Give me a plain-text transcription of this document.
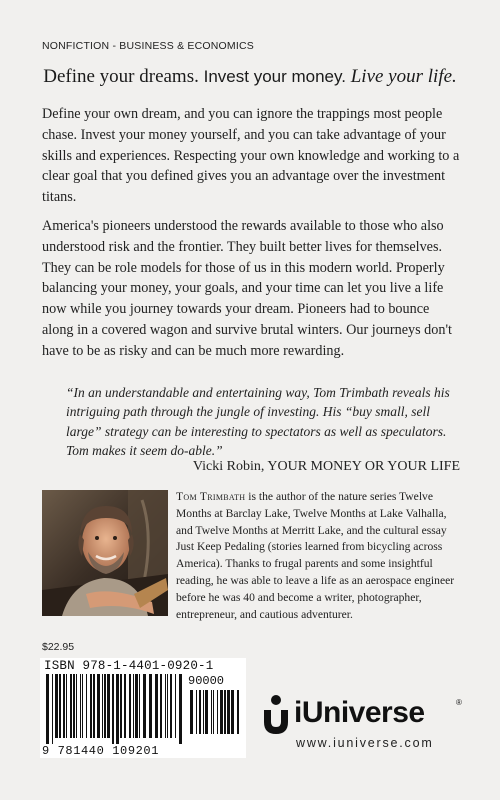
NONFICTION - BUSINESS & ECONOMICS
Define your dreams. Invest your money. Live your life.

Define your own dream, and you can ignore the trappings most people chase. Invest your money yourself, and you can take advantage of your skills and experiences. Respecting your own knowledge and working to a clear goal that you defined gives you an advantage over the investment titans.

America's pioneers understood the rewards available to those who also understood risk and the frontier. They built better lives for themselves. They can be role models for those of us in this modern world. Properly balancing your money, your goals, and your time can let you live a life now while you journey towards your dream. Pioneers had to bounce along in a covered wagon and survive brutal winters. Our journeys don't have to be as risky and can be much more rewarding.

“In an understandable and entertaining way, Tom Trimbath reveals his intriguing path through the jungle of investing. His “buy small, sell large” strategy can be interesting to spectators as well as speculators. Tom makes it seem do-able.”

Vicki Robin, YOUR MONEY OR YOUR LIFE

Tom Trimbath is the author of the nature series Twelve Months at Barclay Lake, Twelve Months at Lake Valhalla, and Twelve Months at Merritt Lake, and the cultural essay Just Keep Pedaling (stories learned from bicycling across America). Thanks to frugal parents and some insightful reading, he was able to leave a life as an aerospace engineer before he was 40 and become a writer, photographer, entrepreneur, and cautious adventurer.

$22.95
ISBN 978-1-4401-0920-1
90000
9 781440 109201
iUniverse	®
www.iuniverse.com
